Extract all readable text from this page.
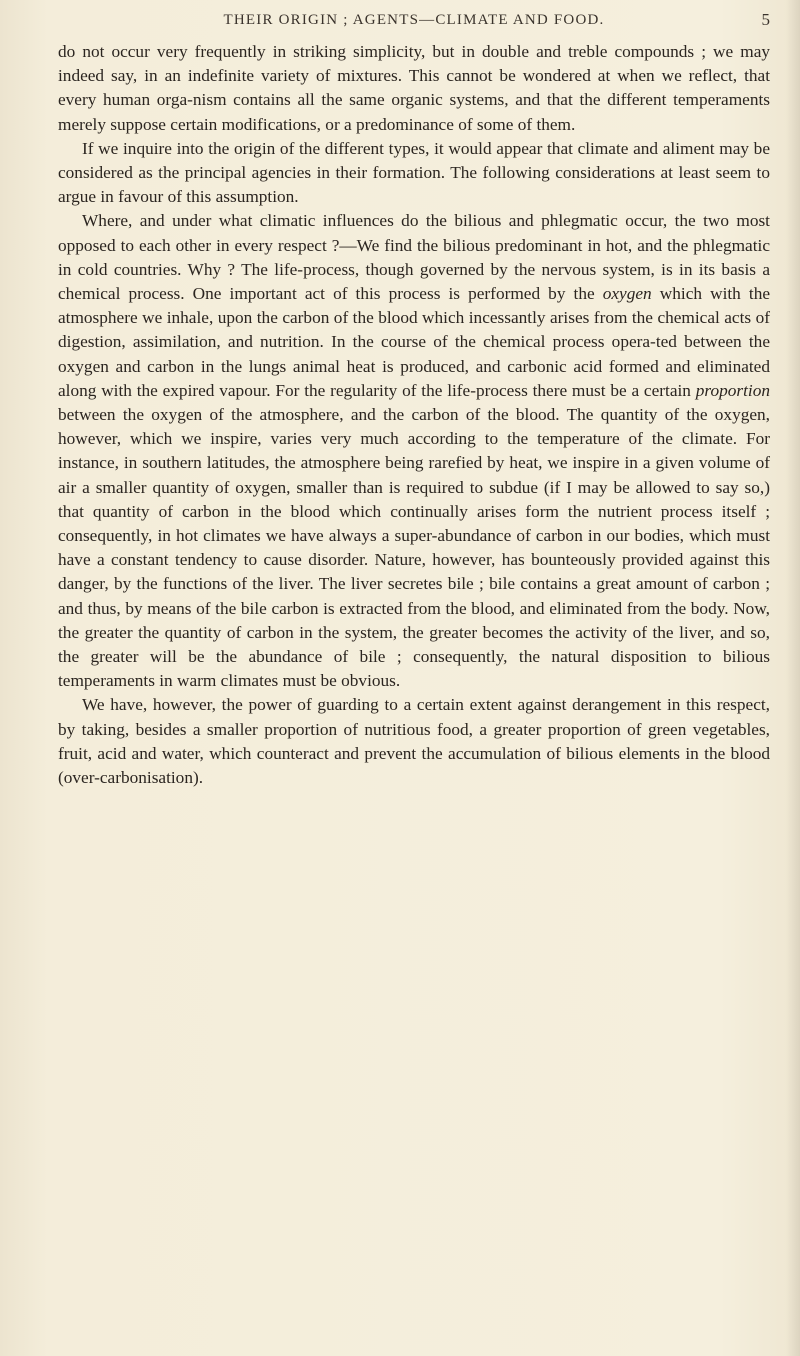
THEIR ORIGIN ; AGENTS—CLIMATE AND FOOD.	5

do not occur very frequently in striking simplicity, but in double and treble compounds ; we may indeed say, in an indefinite variety of mixtures. This cannot be wondered at when we reflect, that every human orga-nism contains all the same organic systems, and that the different temperaments merely suppose certain modifications, or a predominance of some of them.

If we inquire into the origin of the different types, it would appear that climate and aliment may be considered as the principal agencies in their formation. The following considerations at least seem to argue in favour of this assumption.

Where, and under what climatic influences do the bilious and phlegmatic occur, the two most opposed to each other in every respect ?—We find the bilious predominant in hot, and the phlegmatic in cold countries. Why ? The life-process, though governed by the nervous system, is in its basis a chemical process. One important act of this process is performed by the oxygen which with the atmosphere we inhale, upon the carbon of the blood which incessantly arises from the chemical acts of digestion, assimilation, and nutrition. In the course of the chemical process opera-ted between the oxygen and carbon in the lungs animal heat is produced, and carbonic acid formed and eliminated along with the expired vapour. For the regularity of the life-process there must be a certain proportion between the oxygen of the atmosphere, and the carbon of the blood. The quantity of the oxygen, however, which we inspire, varies very much according to the temperature of the climate. For instance, in southern latitudes, the atmosphere being rarefied by heat, we inspire in a given volume of air a smaller quantity of oxygen, smaller than is required to subdue (if I may be allowed to say so,) that quantity of carbon in the blood which continually arises form the nutrient process itself ; consequently, in hot climates we have always a super-abundance of carbon in our bodies, which must have a constant tendency to cause disorder. Nature, however, has bounteously provided against this danger, by the functions of the liver. The liver secretes bile ; bile contains a great amount of carbon ; and thus, by means of the bile carbon is extracted from the blood, and eliminated from the body. Now, the greater the quantity of carbon in the system, the greater becomes the activity of the liver, and so, the greater will be the abundance of bile ; consequently, the natural disposition to bilious temperaments in warm climates must be obvious.

We have, however, the power of guarding to a certain extent against derangement in this respect, by taking, besides a smaller proportion of nutritious food, a greater proportion of green vegetables, fruit, acid and water, which counteract and prevent the accumulation of bilious elements in the blood (over-carbonisation).
